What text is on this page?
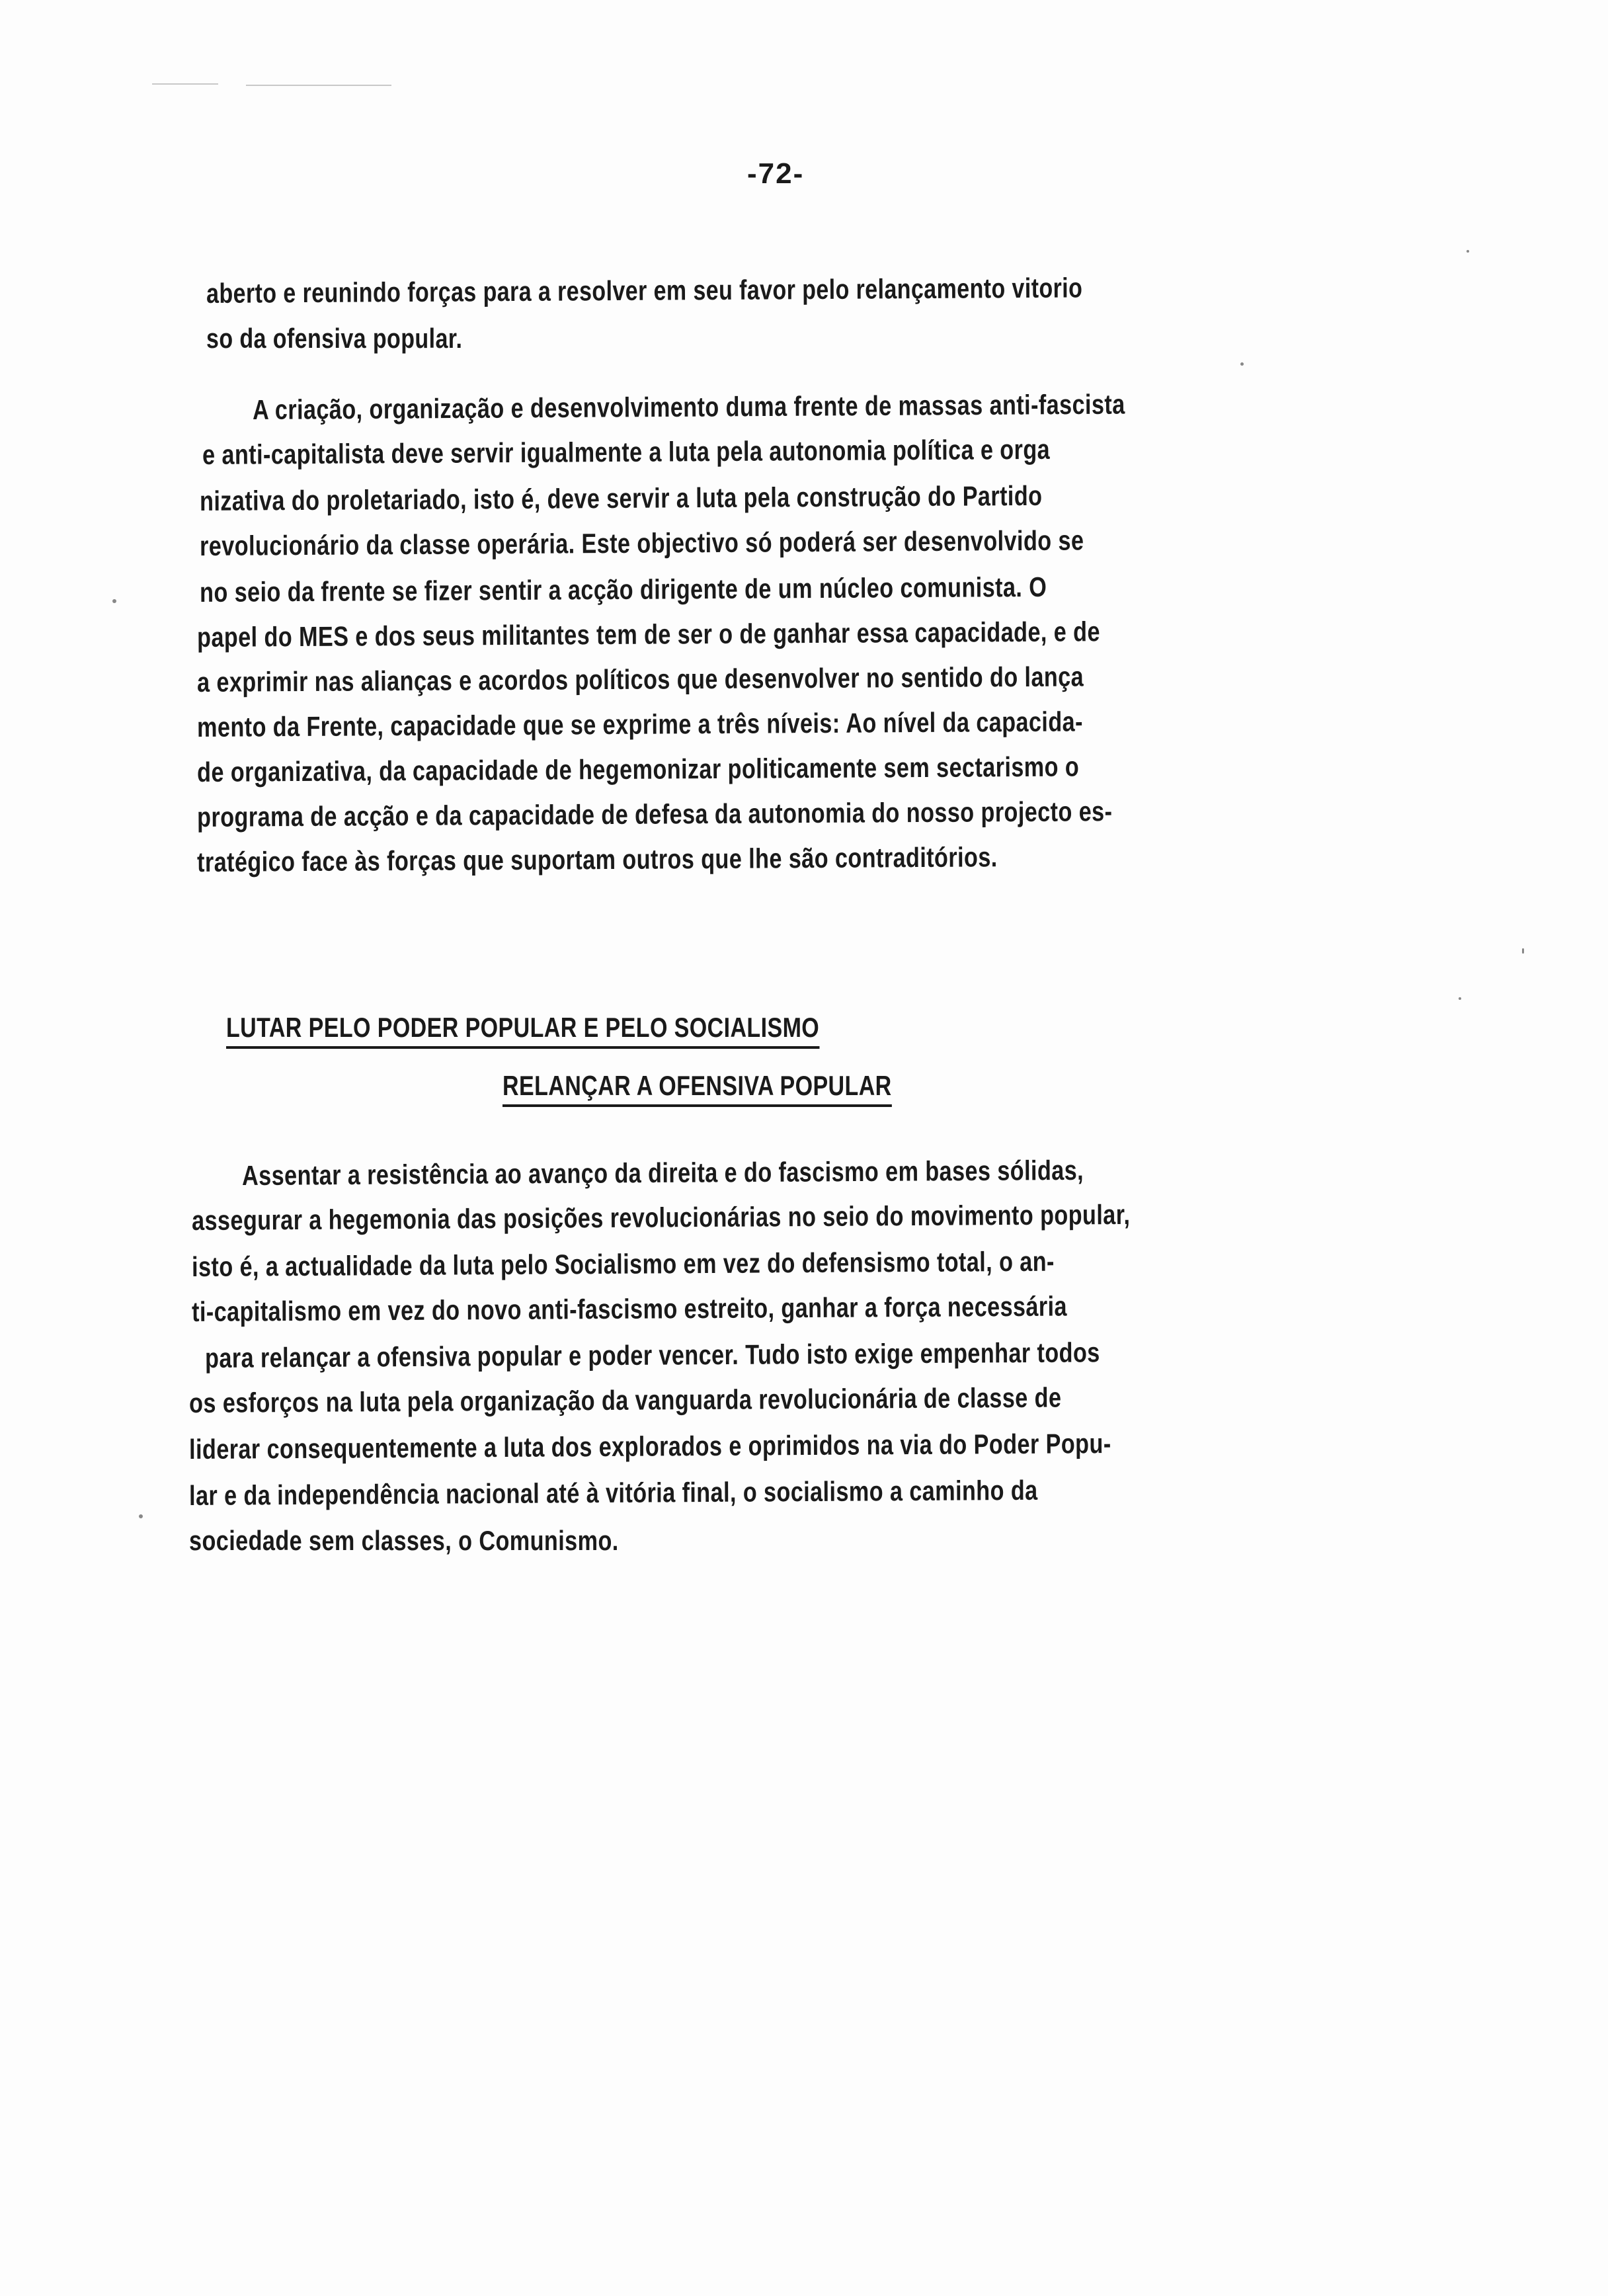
-72-
aberto e reunindo forças para a resolver em seu favor pelo relançamento vitorio
so da ofensiva popular.
A criação, organização e desenvolvimento duma frente de massas anti-fascista
e anti-capitalista deve servir igualmente a luta pela autonomia política e orga
nizativa do proletariado, isto é, deve servir a luta pela construção do Partido
revolucionário da classe operária. Este objectivo só poderá ser desenvolvido se
no seio da frente se fizer sentir a acção dirigente de um núcleo comunista. O
papel do MES e dos seus militantes tem de ser o de ganhar essa capacidade, e de
a exprimir nas alianças e acordos políticos que desenvolver no sentido do lança
mento da Frente, capacidade que se exprime a três níveis: Ao nível da capacida-
de organizativa, da capacidade de hegemonizar politicamente sem sectarismo o
programa de acção e da capacidade de defesa da autonomia do nosso projecto es-
tratégico face às forças que suportam outros que lhe são contraditórios.
LUTAR PELO PODER POPULAR E PELO SOCIALISMO
RELANÇAR A OFENSIVA POPULAR
Assentar a resistência ao avanço da direita e do fascismo em bases sólidas,
assegurar a hegemonia das posições revolucionárias no seio do movimento popular,
isto é, a actualidade da luta pelo Socialismo em vez do defensismo total, o an-
ti-capitalismo em vez do novo anti-fascismo estreito, ganhar a força necessária
para relançar a ofensiva popular e poder vencer. Tudo isto exige empenhar todos
os esforços na luta pela organização da vanguarda revolucionária de classe de
liderar consequentemente a luta dos explorados e oprimidos na via do Poder Popu-
lar e da independência nacional até à vitória final, o socialismo a caminho da
sociedade sem classes, o Comunismo.
